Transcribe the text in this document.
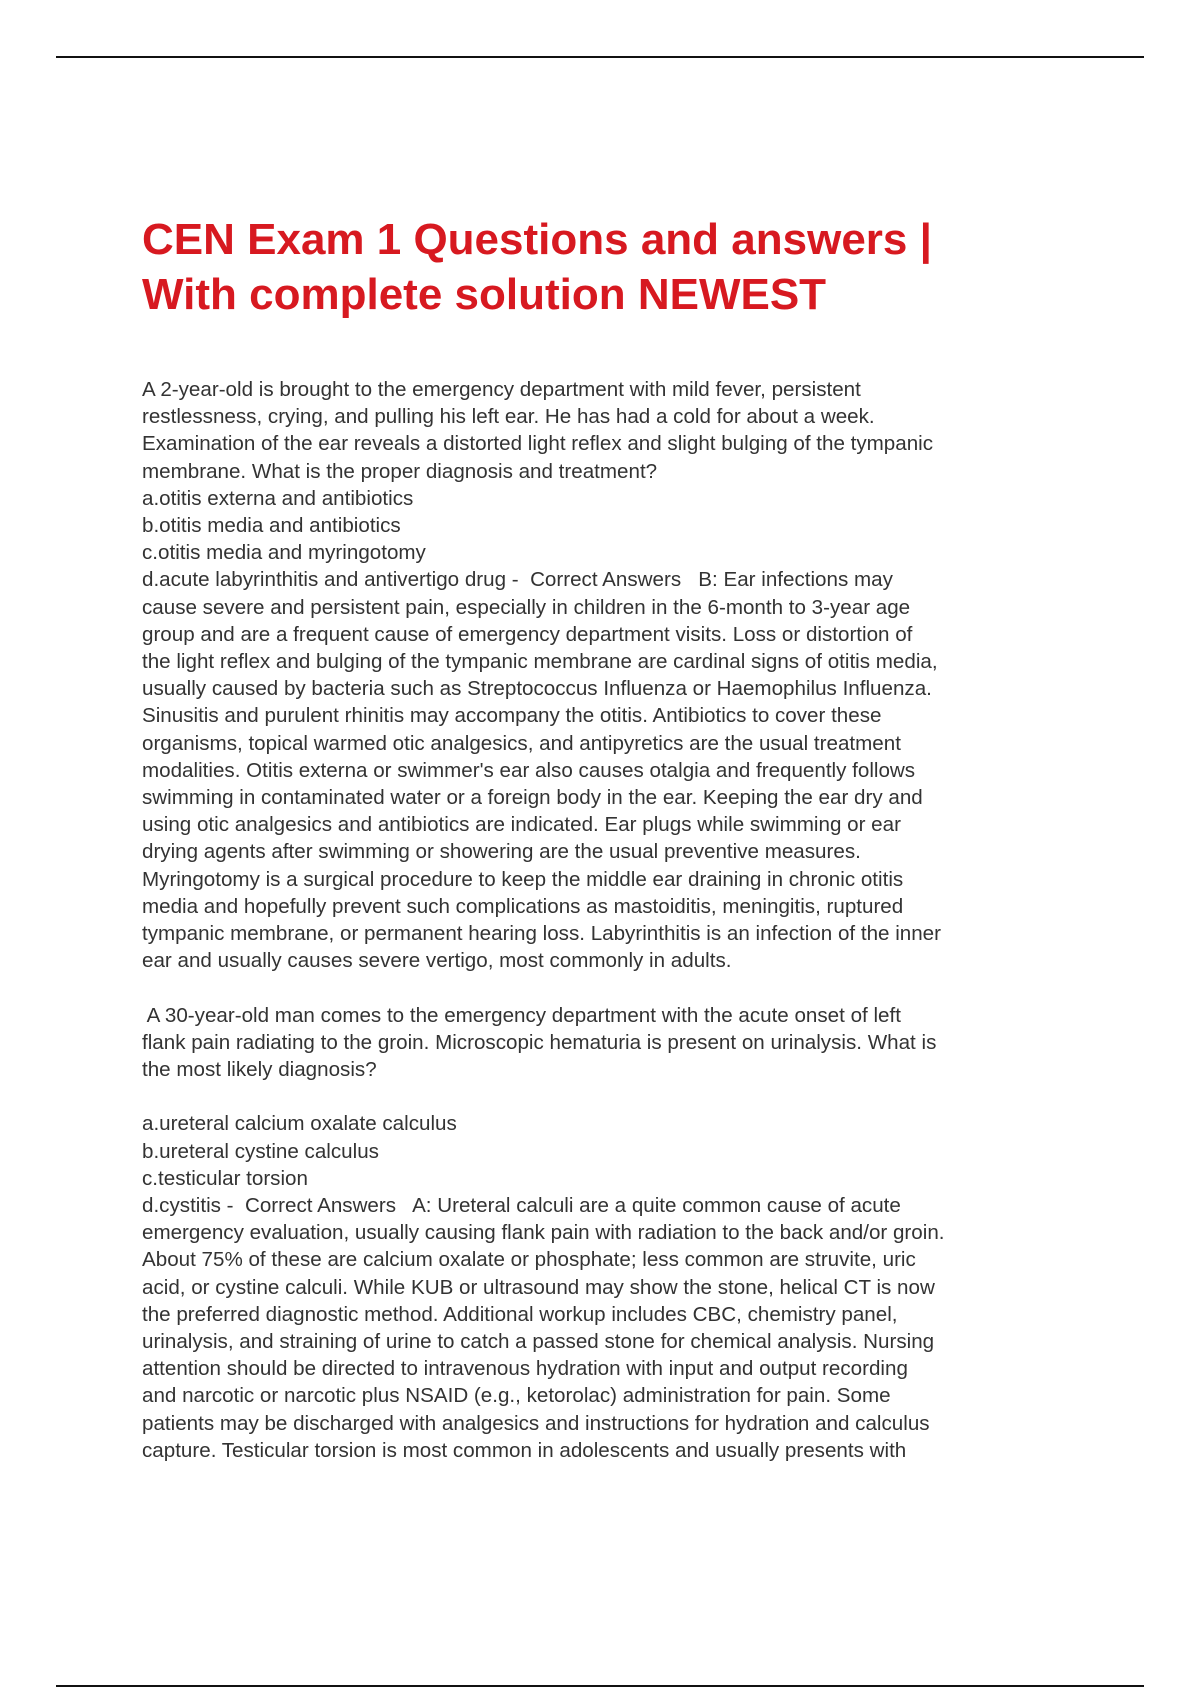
CEN Exam 1 Questions and answers |
With complete solution NEWEST
A 2-year-old is brought to the emergency department with mild fever, persistent
restlessness, crying, and pulling his left ear. He has had a cold for about a week.
Examination of the ear reveals a distorted light reflex and slight bulging of the tympanic
membrane. What is the proper diagnosis and treatment?
a.otitis externa and antibiotics
b.otitis media and antibiotics
c.otitis media and myringotomy
d.acute labyrinthitis and antivertigo drug -  Correct Answers   B: Ear infections may
cause severe and persistent pain, especially in children in the 6-month to 3-year age
group and are a frequent cause of emergency department visits. Loss or distortion of
the light reflex and bulging of the tympanic membrane are cardinal signs of otitis media,
usually caused by bacteria such as Streptococcus Influenza or Haemophilus Influenza.
Sinusitis and purulent rhinitis may accompany the otitis. Antibiotics to cover these
organisms, topical warmed otic analgesics, and antipyretics are the usual treatment
modalities. Otitis externa or swimmer's ear also causes otalgia and frequently follows
swimming in contaminated water or a foreign body in the ear. Keeping the ear dry and
using otic analgesics and antibiotics are indicated. Ear plugs while swimming or ear
drying agents after swimming or showering are the usual preventive measures.
Myringotomy is a surgical procedure to keep the middle ear draining in chronic otitis
media and hopefully prevent such complications as mastoiditis, meningitis, ruptured
tympanic membrane, or permanent hearing loss. Labyrinthitis is an infection of the inner
ear and usually causes severe vertigo, most commonly in adults.
A 30-year-old man comes to the emergency department with the acute onset of left
flank pain radiating to the groin. Microscopic hematuria is present on urinalysis. What is
the most likely diagnosis?
a.ureteral calcium oxalate calculus
b.ureteral cystine calculus
c.testicular torsion
d.cystitis -  Correct Answers   A: Ureteral calculi are a quite common cause of acute
emergency evaluation, usually causing flank pain with radiation to the back and/or groin.
About 75% of these are calcium oxalate or phosphate; less common are struvite, uric
acid, or cystine calculi. While KUB or ultrasound may show the stone, helical CT is now
the preferred diagnostic method. Additional workup includes CBC, chemistry panel,
urinalysis, and straining of urine to catch a passed stone for chemical analysis. Nursing
attention should be directed to intravenous hydration with input and output recording
and narcotic or narcotic plus NSAID (e.g., ketorolac) administration for pain. Some
patients may be discharged with analgesics and instructions for hydration and calculus
capture. Testicular torsion is most common in adolescents and usually presents with
